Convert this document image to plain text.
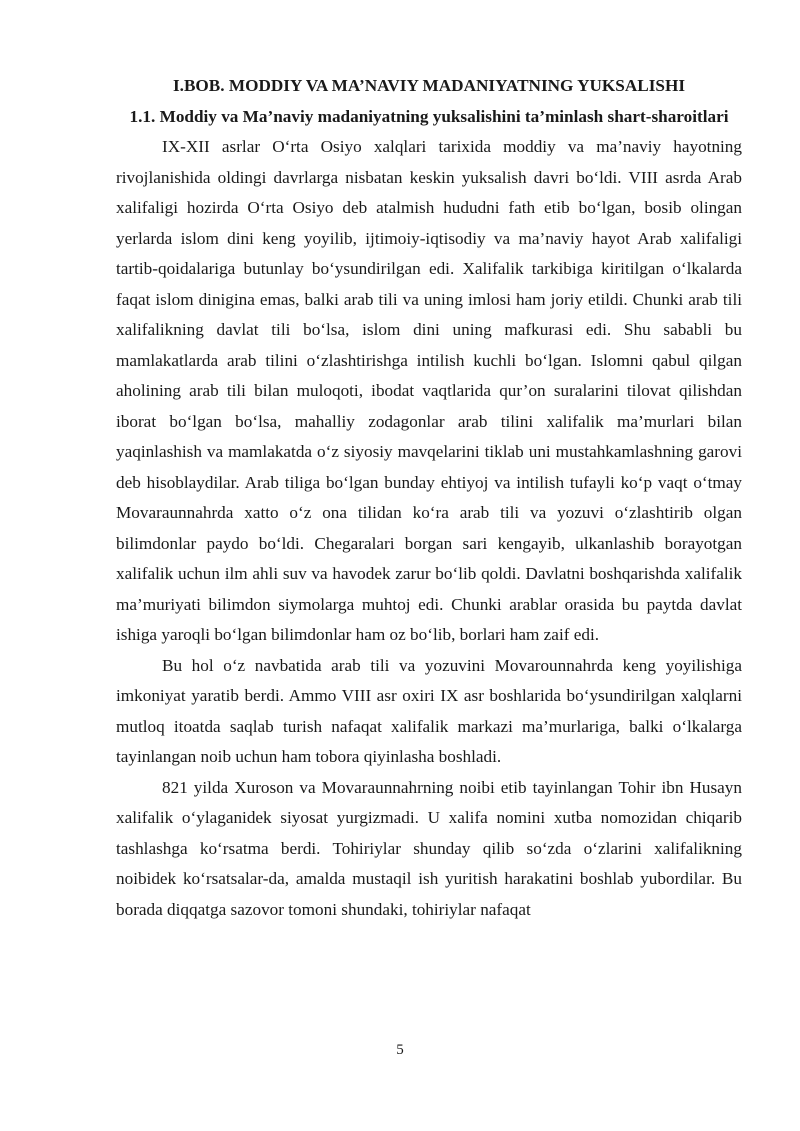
I.BOB. MODDIY VA MA’NAVIY MADANIYATNING YUKSALISHI
1.1. Moddiy va Ma’naviy madaniyatning yuksalishini ta’minlash shart-sharoitlari

IX-XII asrlar O‘rta Osiyo xalqlari tarixida moddiy va ma’naviy hayotning rivojlanishida oldingi davrlarga nisbatan keskin yuksalish davri bo‘ldi. VIII asrda Arab xalifaligi hozirda O‘rta Osiyo deb atalmish hududni fath etib bo‘lgan, bosib olingan yerlarda islom dini keng yoyilib, ijtimoiy-iqtisodiy va ma’naviy hayot Arab xalifaligi tartib-qoidalariga butunlay bo‘ysundirilgan edi. Xalifalik tarkibiga kiritilgan o‘lkalarda faqat islom dinigina emas, balki arab tili va uning imlosi ham joriy etildi. Chunki arab tili xalifalikning davlat tili bo‘lsa, islom dini uning mafkurasi edi. Shu sababli bu mamlakatlarda arab tilini o‘zlashtirishga intilish kuchli bo‘lgan. Islomni qabul qilgan aholining arab tili bilan muloqoti, ibodat vaqtlarida qur’on suralarini tilovat qilishdan iborat bo‘lgan bo‘lsa, mahalliy zodagonlar arab tilini xalifalik ma’murlari bilan yaqinlashish va mamlakatda o‘z siyosiy mavqelarini tiklab uni mustahkamlashning garovi deb hisoblaydilar. Arab tiliga bo‘lgan bunday ehtiyoj va intilish tufayli ko‘p vaqt o‘tmay Movaraunnahrda xatto o‘z ona tilidan ko‘ra arab tili va yozuvi o‘zlashtirib olgan bilimdonlar paydo bo‘ldi. Chegaralari borgan sari kengayib, ulkanlashib borayotgan xalifalik uchun ilm ahli suv va havodek zarur bo‘lib qoldi. Davlatni boshqarishda xalifalik ma’muriyati bilimdon siymolarga muhtoj edi. Chunki arablar orasida bu paytda davlat ishiga yaroqli bo‘lgan bilimdonlar ham oz bo‘lib, borlari ham zaif edi.

Bu hol o‘z navbatida arab tili va yozuvini Movarounnahrda keng yoyilishiga imkoniyat yaratib berdi. Ammo VIII asr oxiri IX asr boshlarida bo‘ysundirilgan xalqlarni mutloq itoatda saqlab turish nafaqat xalifalik markazi ma’murlariga, balki o‘lkalarga tayinlangan noib uchun ham tobora qiyinlasha boshladi.

821 yilda Xuroson va Movaraunnahrning noibi etib tayinlangan Tohir ibn Husayn xalifalik o‘ylaganidek siyosat yurgizmadi. U xalifa nomini xutba nomozidan chiqarib tashlashga ko‘rsatma berdi. Tohiriylar shunday qilib so‘zda o‘zlarini xalifalikning noibidek ko‘rsatsalar-da, amalda mustaqil ish yuritish harakatini boshlab yubordilar. Bu borada diqqatga sazovor tomoni shundaki, tohiriylar nafaqat

5
